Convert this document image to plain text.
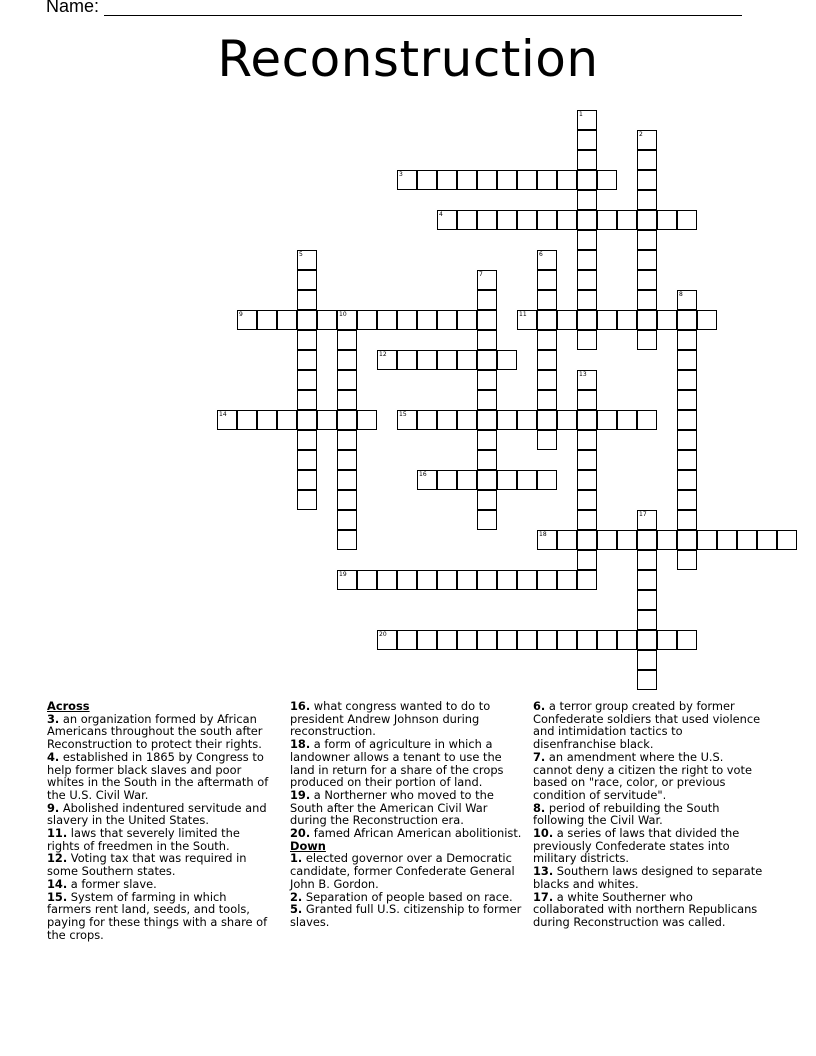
Name:
Reconstruction
1
2
3
4
5	6
7
8
9	10	11
12
13
14	15
16
17
18
19
20

Across

3. an organization formed by African Americans throughout the south after Reconstruction to protect their rights.

4. established in 1865 by Congress to help former black slaves and poor whites in the South in the aftermath of the U.S. Civil War.

9. Abolished indentured servitude and slavery in the United States.

11. laws that severely limited the rights of freedmen in the South.

12. Voting tax that was required in some Southern states.

14. a former slave.

15. System of farming in which farmers rent land, seeds, and tools, paying for these things with a share of the crops.

16. what congress wanted to do to president Andrew Johnson during reconstruction.

18. a form of agriculture in which a landowner allows a tenant to use the land in return for a share of the crops produced on their portion of land.

19. a Northerner who moved to the South after the American Civil War during the Reconstruction era.

20. famed African American abolitionist.

Down

1. elected governor over a Democratic candidate, former Confederate General John B. Gordon.

2. Separation of people based on race.

5. Granted full U.S. citizenship to former slaves.

6. a terror group created by former Confederate soldiers that used violence and intimidation tactics to disenfranchise black.

7. an amendment where the U.S. cannot deny a citizen the right to vote based on "race, color, or previous condition of servitude".

8. period of rebuilding the South following the Civil War.

10. a series of laws that divided the previously Confederate states into military districts.

13. Southern laws designed to separate blacks and whites.

17. a white Southerner who collaborated with northern Republicans during Reconstruction was called.
